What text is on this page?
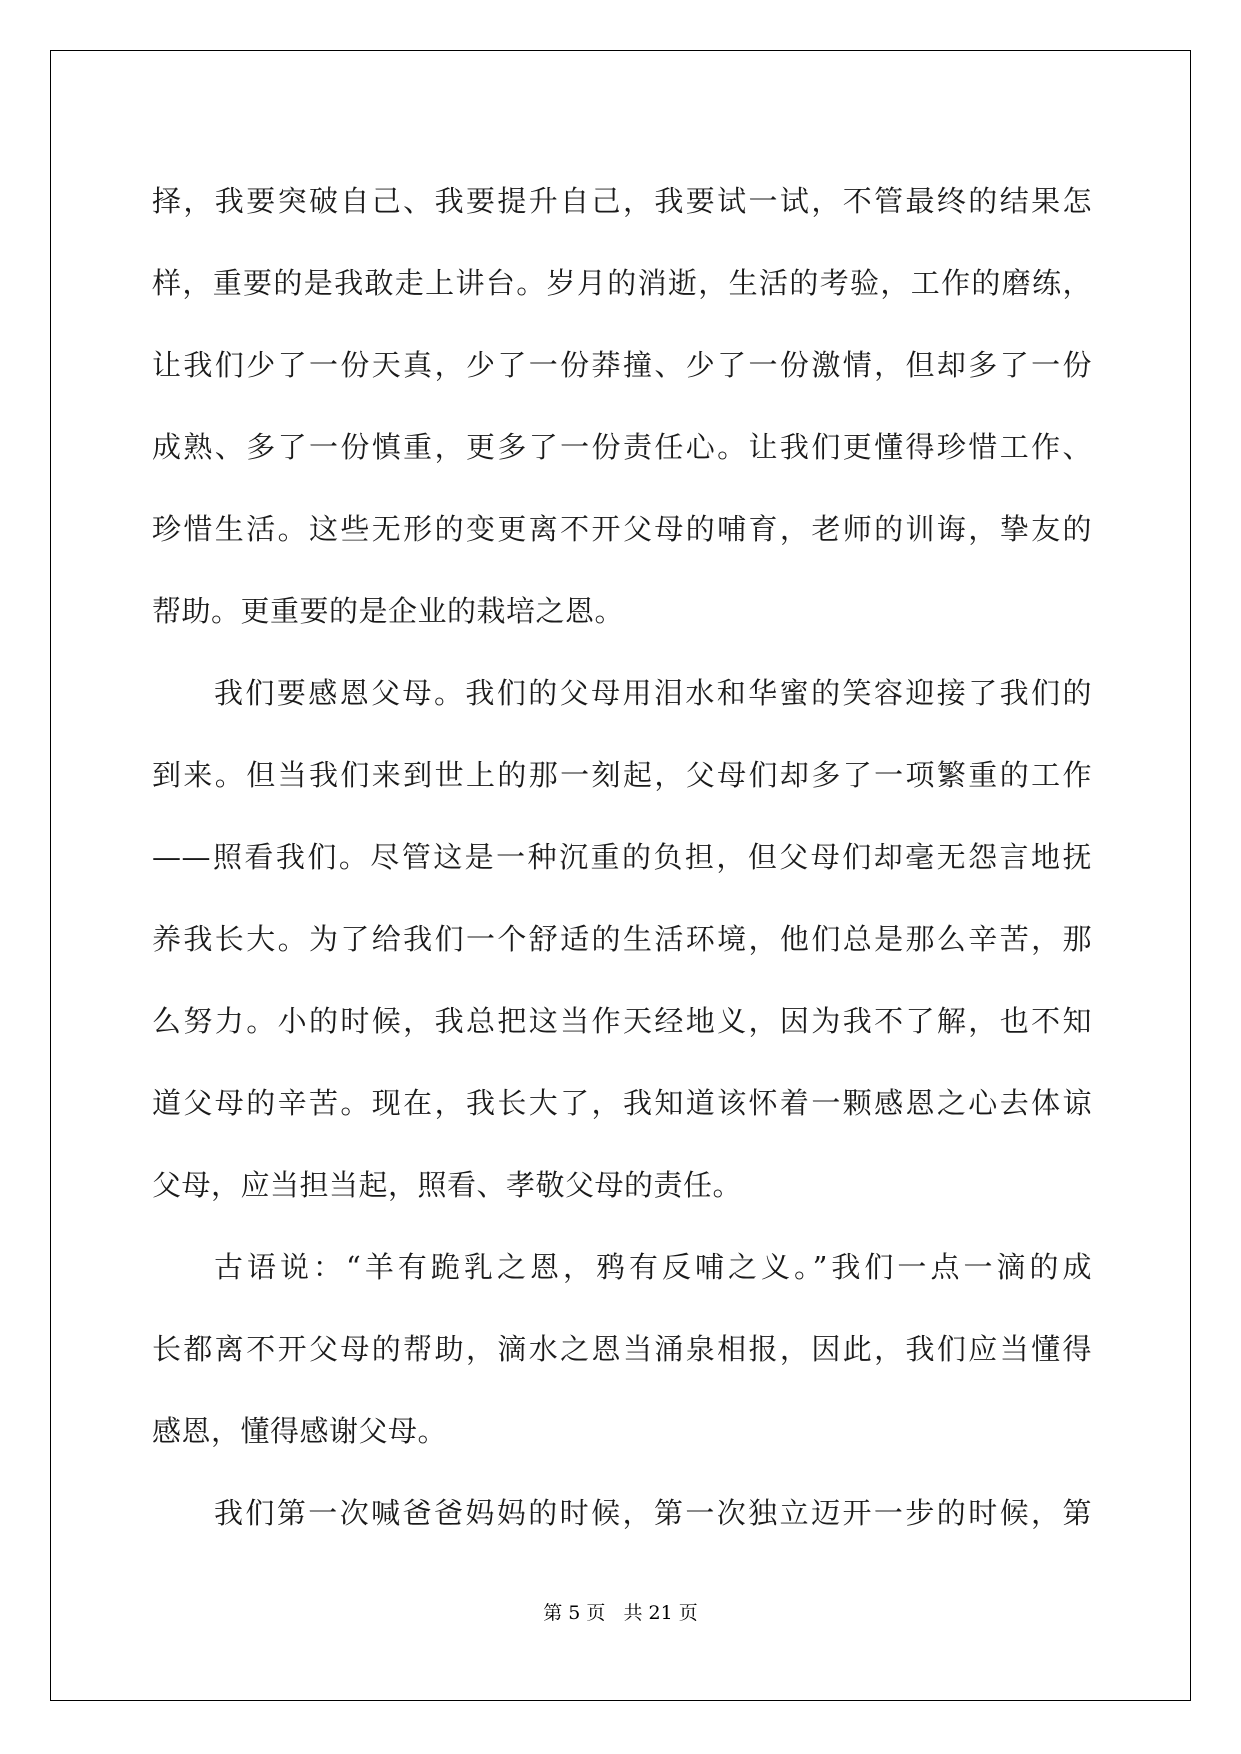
择，我要突破自己、我要提升自己，我要试一试，不管最终的结果怎
样，重要的是我敢走上讲台。岁月的消逝，生活的考验，工作的磨练，
让我们少了一份天真，少了一份莽撞、少了一份激情，但却多了一份
成熟、多了一份慎重，更多了一份责任心。让我们更懂得珍惜工作、
珍惜生活。这些无形的变更离不开父母的哺育，老师的训诲，挚友的
帮助。更重要的是企业的栽培之恩。
我们要感恩父母。我们的父母用泪水和华蜜的笑容迎接了我们的
到来。但当我们来到世上的那一刻起，父母们却多了一项繁重的工作
——照看我们。尽管这是一种沉重的负担，但父母们却毫无怨言地抚
养我长大。为了给我们一个舒适的生活环境，他们总是那么辛苦，那
么努力。小的时候，我总把这当作天经地义，因为我不了解，也不知
道父母的辛苦。现在，我长大了，我知道该怀着一颗感恩之心去体谅
父母，应当担当起，照看、孝敬父母的责任。
古语说：“羊有跪乳之恩，鸦有反哺之义。”我们一点一滴的成
长都离不开父母的帮助，滴水之恩当涌泉相报，因此，我们应当懂得
感恩，懂得感谢父母。
我们第一次喊爸爸妈妈的时候，第一次独立迈开一步的时候，第
第 5 页 共 21 页
